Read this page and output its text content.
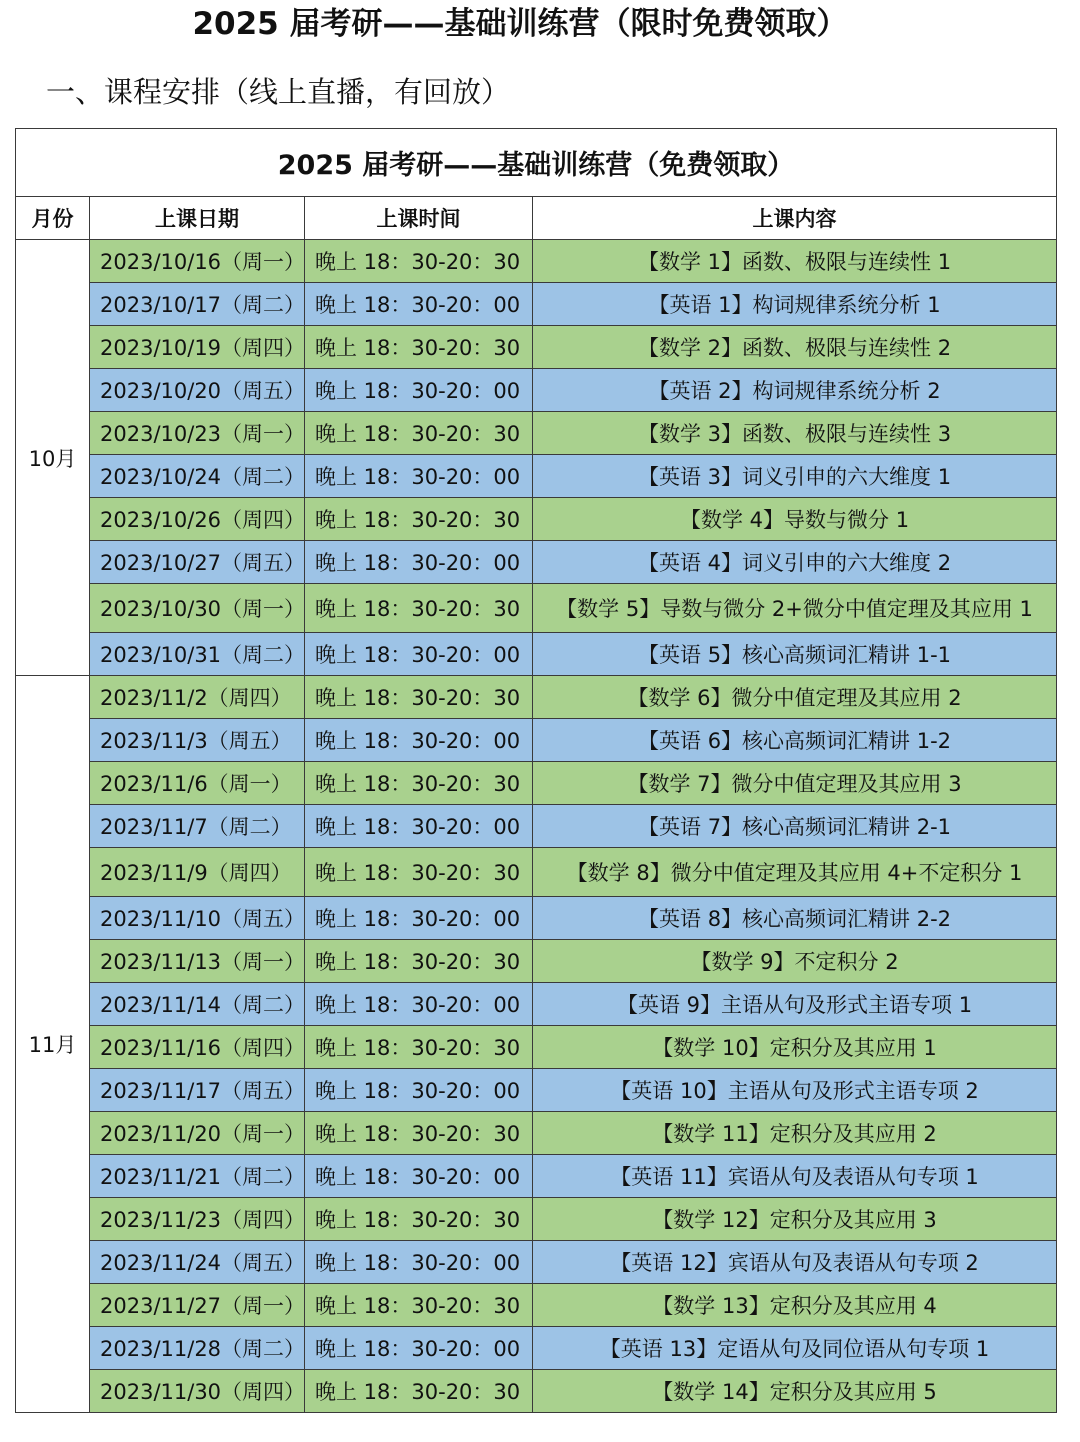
2025 届考研——基础训练营（限时免费领取）
一、课程安排（线上直播，有回放）
2025 届考研——基础训练营（免费领取）			
月份	上课日期	上课时间	上课内容
10月	2023/10/16（周一）	晚上 18：30-20：30	【数学 1】函数、极限与连续性 1
	2023/10/17（周二）	晚上 18：30-20：00	【英语 1】构词规律系统分析 1
	2023/10/19（周四）	晚上 18：30-20：30	【数学 2】函数、极限与连续性 2
	2023/10/20（周五）	晚上 18：30-20：00	【英语 2】构词规律系统分析 2
	2023/10/23（周一）	晚上 18：30-20：30	【数学 3】函数、极限与连续性 3
	2023/10/24（周二）	晚上 18：30-20：00	【英语 3】词义引申的六大维度 1
	2023/10/26（周四）	晚上 18：30-20：30	【数学 4】导数与微分 1
	2023/10/27（周五）	晚上 18：30-20：00	【英语 4】词义引申的六大维度 2
	2023/10/30（周一）	晚上 18：30-20：30	【数学 5】导数与微分 2+微分中值定理及其应用 1
	2023/10/31（周二）	晚上 18：30-20：00	【英语 5】核心高频词汇精讲 1-1
11月	2023/11/2（周四）	晚上 18：30-20：30	【数学 6】微分中值定理及其应用 2
	2023/11/3（周五）	晚上 18：30-20：00	【英语 6】核心高频词汇精讲 1-2
	2023/11/6（周一）	晚上 18：30-20：30	【数学 7】微分中值定理及其应用 3
	2023/11/7（周二）	晚上 18：30-20：00	【英语 7】核心高频词汇精讲 2-1
	2023/11/9（周四）	晚上 18：30-20：30	【数学 8】微分中值定理及其应用 4+不定积分 1
	2023/11/10（周五）	晚上 18：30-20：00	【英语 8】核心高频词汇精讲 2-2
	2023/11/13（周一）	晚上 18：30-20：30	【数学 9】不定积分 2
	2023/11/14（周二）	晚上 18：30-20：00	【英语 9】主语从句及形式主语专项 1
	2023/11/16（周四）	晚上 18：30-20：30	【数学 10】定积分及其应用 1
	2023/11/17（周五）	晚上 18：30-20：00	【英语 10】主语从句及形式主语专项 2
	2023/11/20（周一）	晚上 18：30-20：30	【数学 11】定积分及其应用 2
	2023/11/21（周二）	晚上 18：30-20：00	【英语 11】宾语从句及表语从句专项 1
	2023/11/23（周四）	晚上 18：30-20：30	【数学 12】定积分及其应用 3
	2023/11/24（周五）	晚上 18：30-20：00	【英语 12】宾语从句及表语从句专项 2
	2023/11/27（周一）	晚上 18：30-20：30	【数学 13】定积分及其应用 4
	2023/11/28（周二）	晚上 18：30-20：00	【英语 13】定语从句及同位语从句专项 1
	2023/11/30（周四）	晚上 18：30-20：30	【数学 14】定积分及其应用 5
